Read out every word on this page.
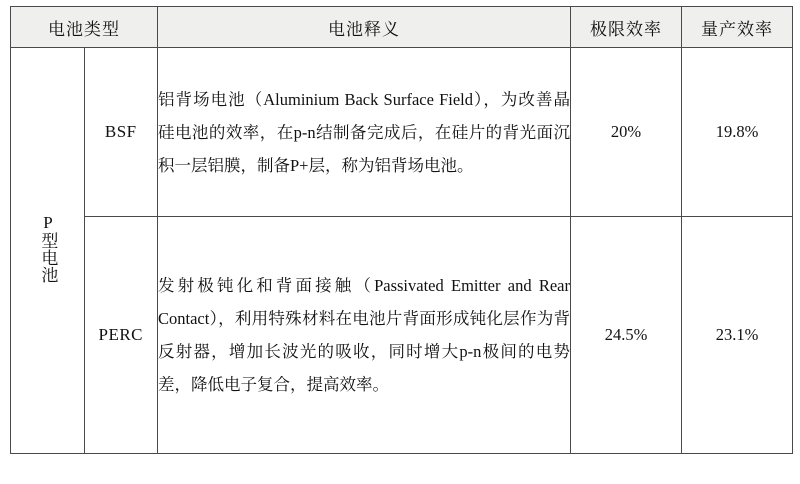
电池类型		电池释义	极限效率	量产效率
P型电池	BSF	铝背场电池（Aluminium Back Surface Field），为改善晶硅电池的效率，在p-n结制备完成后，在硅片的背光面沉积一层铝膜，制备P+层，称为铝背场电池。	20%	19.8%
	PERC	发射极钝化和背面接触（Passivated Emitter and Rear Contact），利用特殊材料在电池片背面形成钝化层作为背反射器，增加长波光的吸收，同时增大p-n极间的电势差，降低电子复合，提高效率。	24.5%	23.1%
